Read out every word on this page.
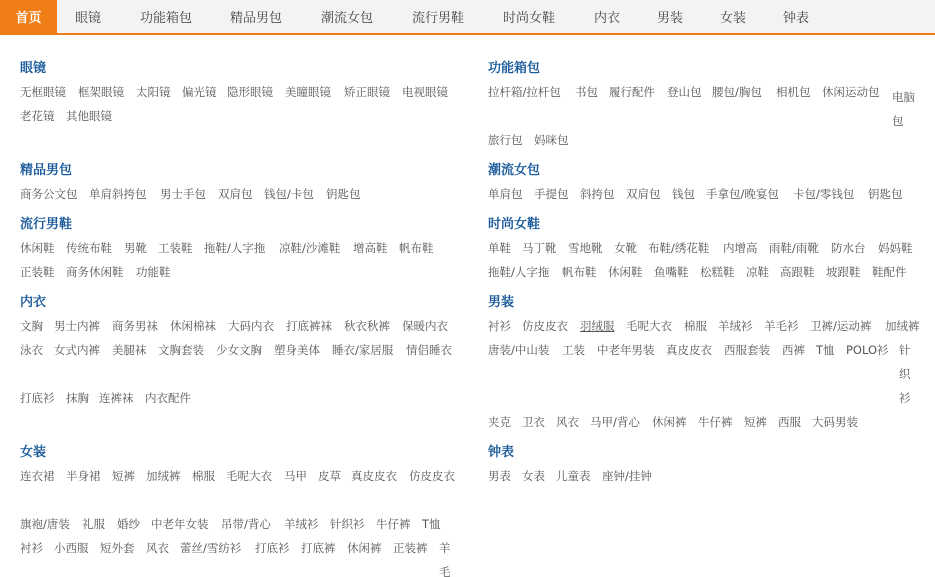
首页	眼镜	功能箱包	精品男包	潮流女包	流行男鞋	时尚女鞋	内衣	男装	女装	钟表
眼镜
无框眼镜 框架眼镜 太阳镜 偏光镜 隐形眼镜 美瞳眼镜 矫正眼镜 电视眼镜
老花镜 其他眼镜
精品男包
商务公文包 单肩斜挎包 男士手包 双肩包 钱包/卡包 钥匙包
流行男鞋
休闲鞋 传统布鞋 男靴 工装鞋 拖鞋/人字拖 凉鞋/沙滩鞋 增高鞋 帆布鞋
正装鞋 商务休闲鞋 功能鞋
内衣
文胸 男士内裤 商务男袜 休闲棉袜 大码内衣 打底裤袜 秋衣秋裤 保暖内衣
泳衣 女式内裤 美腿袜 文胸套装 少女文胸 塑身美体 睡衣/家居服 情侣睡衣
打底衫 抹胸 连裤袜 内衣配件
女装
连衣裙 半身裙 短裤 加绒裤 棉服 毛呢大衣 马甲 皮草 真皮皮衣 仿皮皮衣
旗袍/唐装 礼服 婚纱 中老年女装 吊带/背心 羊绒衫 针织衫 牛仔裤 T恤
衬衫 小西服 短外套 风衣 蕾丝/雪纺衫 打底衫 打底裤 休闲裤 正装裤 羊毛
功能箱包
拉杆箱/拉杆包 书包 履行配件 登山包 腰包/胸包 相机包 休闲运动包 电脑包
旅行包 妈咪包
潮流女包
单肩包 手提包 斜挎包 双肩包 钱包 手拿包/晚宴包 卡包/零钱包 钥匙包
时尚女鞋
单鞋 马丁靴 雪地靴 女靴 布鞋/绣花鞋 内增高 雨鞋/雨靴 防水台 妈妈鞋
拖鞋/人字拖 帆布鞋 休闲鞋 鱼嘴鞋 松糕鞋 凉鞋 高跟鞋 坡跟鞋 鞋配件
男装
衬衫 仿皮皮衣 羽绒服 毛呢大衣 棉服 羊绒衫 羊毛衫 卫裤/运动裤 加绒裤
唐装/中山装 工装 中老年男装 真皮皮衣 西服套装 西裤 T恤 POLO衫 针织衫
夹克 卫衣 风衣 马甲/背心 休闲裤 牛仔裤 短裤 西服 大码男装
钟表
男表 女表 儿童表 座钟/挂钟
